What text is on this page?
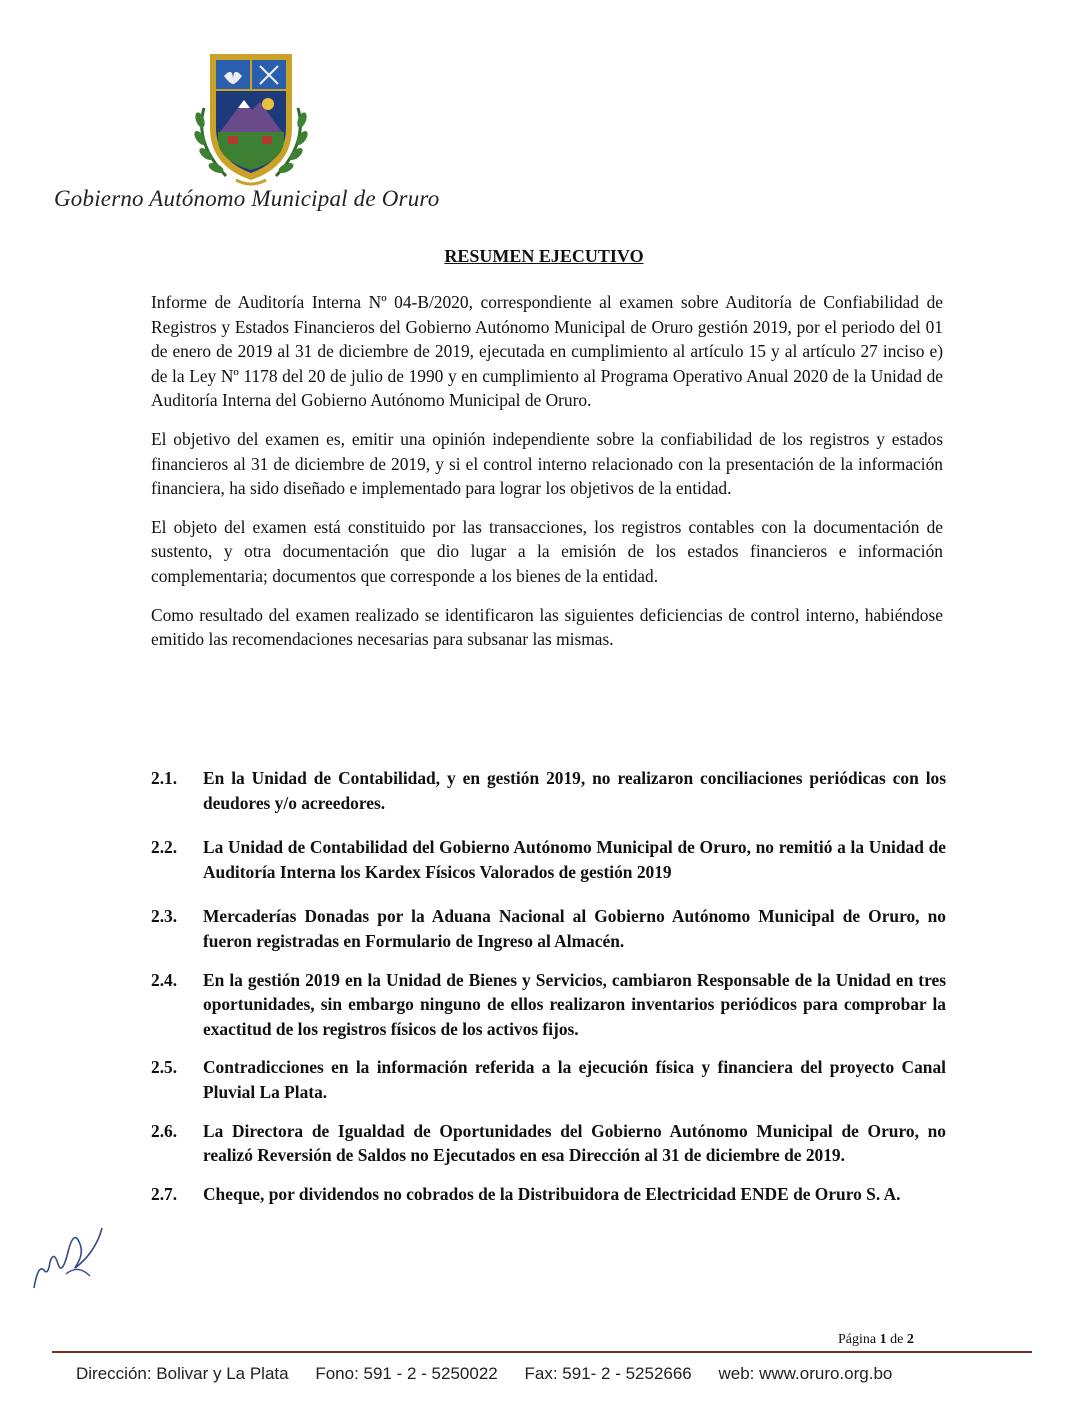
Gobierno Autónomo Municipal de Oruro
RESUMEN EJECUTIVO

Informe de Auditoría Interna Nº 04-B/2020, correspondiente al examen sobre Auditoría de Confiabilidad de Registros y Estados Financieros del Gobierno Autónomo Municipal de Oruro gestión 2019, por el periodo del 01 de enero de 2019 al 31 de diciembre de 2019, ejecutada en cumplimiento al artículo 15 y al artículo 27 inciso e) de la Ley Nº 1178 del 20 de julio de 1990 y en cumplimiento al Programa Operativo Anual 2020 de la Unidad de Auditoría Interna del Gobierno Autónomo Municipal de Oruro.

El objetivo del examen es, emitir una opinión independiente sobre la confiabilidad de los registros y estados financieros al 31 de diciembre de 2019, y si el control interno relacionado con la presentación de la información financiera, ha sido diseñado e implementado para lograr los objetivos de la entidad.

El objeto del examen está constituido por las transacciones, los registros contables con la documentación de sustento, y otra documentación que dio lugar a la emisión de los estados financieros e información complementaria; documentos que corresponde a los bienes de la entidad.

Como resultado del examen realizado se identificaron las siguientes deficiencias de control interno, habiéndose emitido las recomendaciones necesarias para subsanar las mismas.

2.1.	En la Unidad de Contabilidad, y en gestión 2019, no realizaron conciliaciones periódicas con los deudores y/o acreedores.
2.2.	La Unidad de Contabilidad del Gobierno Autónomo Municipal de Oruro, no remitió a la Unidad de Auditoría Interna los Kardex Físicos Valorados de gestión 2019
2.3.	Mercaderías Donadas por la Aduana Nacional al Gobierno Autónomo Municipal de Oruro, no fueron registradas en Formulario de Ingreso al Almacén.
2.4.	En la gestión 2019 en la Unidad de Bienes y Servicios, cambiaron Responsable de la Unidad en tres oportunidades, sin embargo ninguno de ellos realizaron inventarios periódicos para comprobar la exactitud de los registros físicos de los activos fijos.
2.5.	Contradicciones en la información referida a la ejecución física y financiera del proyecto Canal Pluvial La Plata.
2.6.	La Directora de Igualdad de Oportunidades del Gobierno Autónomo Municipal de Oruro, no realizó Reversión de Saldos no Ejecutados en esa Dirección al 31 de diciembre de 2019.
2.7.	Cheque, por dividendos no cobrados de la Distribuidora de Electricidad ENDE de Oruro S. A.
Página 1 de 2
Dirección: Bolivar y La Plata Fono: 591 - 2 - 5250022 Fax: 591- 2 - 5252666 web: www.oruro.org.bo
